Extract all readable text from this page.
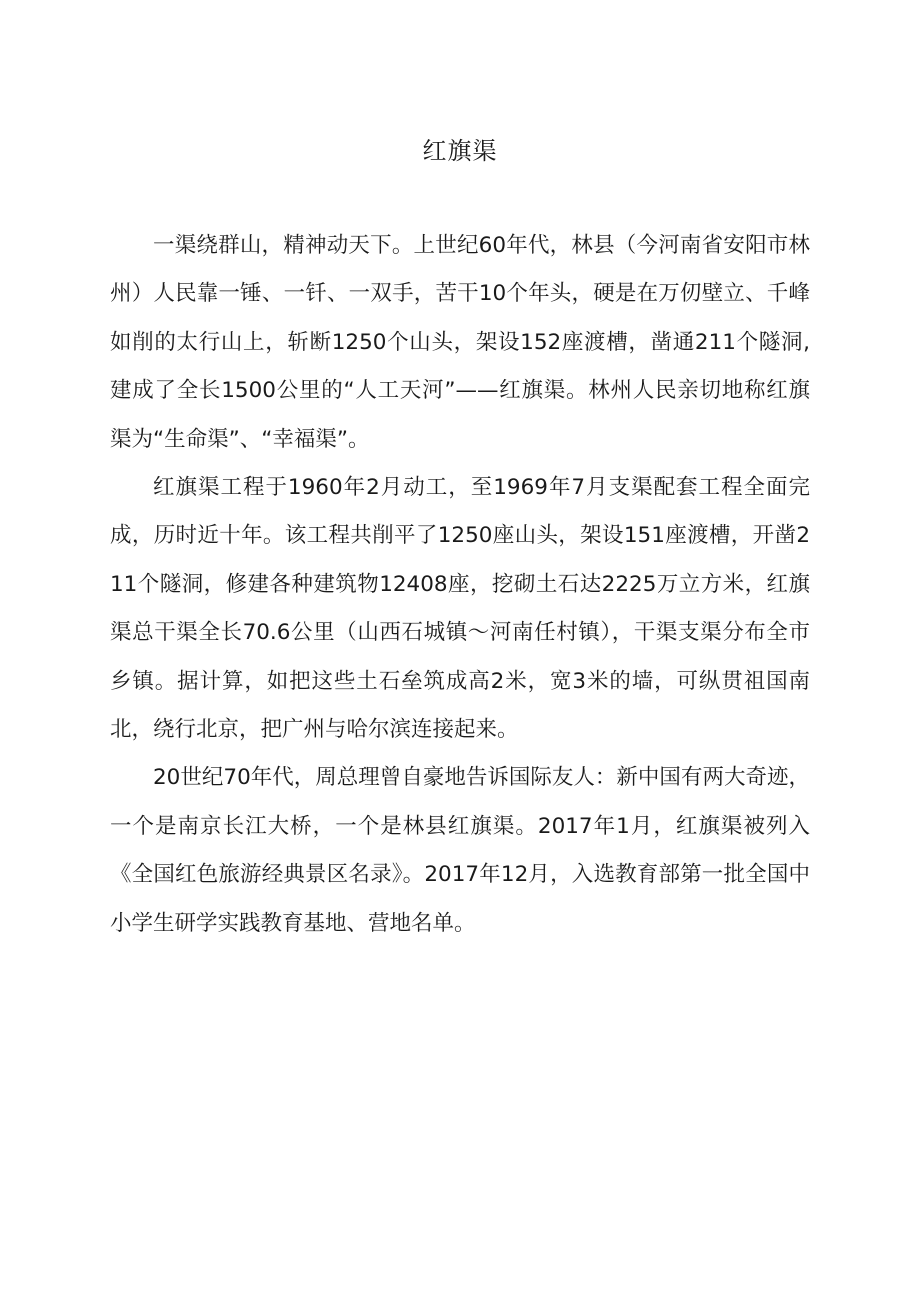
红旗渠

一渠绕群山，精神动天下。上世纪60年代，林县（今河南省安阳市林州）人民靠一锤、一钎、一双手，苦干10个年头，硬是在万仞壁立、千峰如削的太行山上，斩断1250个山头，架设152座渡槽，凿通211个隧洞, 建成了全长1500公里的“人工天河”——红旗渠。林州人民亲切地称红旗渠为“生命渠”、“幸福渠”。

红旗渠工程于1960年2月动工，至1969年7月支渠配套工程全面完成，历时近十年。该工程共削平了1250座山头，架设151座渡槽，开凿211个隧洞，修建各种建筑物12408座，挖砌土石达2225万立方米，红旗渠总干渠全长70.6公里（山西石城镇～河南任村镇），干渠支渠分布全市乡镇。据计算，如把这些土石垒筑成高2米，宽3米的墙，可纵贯祖国南北，绕行北京，把广州与哈尔滨连接起来。

20世纪70年代，周总理曾自豪地告诉国际友人：新中国有两大奇迹，一个是南京长江大桥，一个是林县红旗渠。2017年1月，红旗渠被列入《全国红色旅游经典景区名录》。2017年12月，入选教育部第一批全国中小学生研学实践教育基地、营地名单。
